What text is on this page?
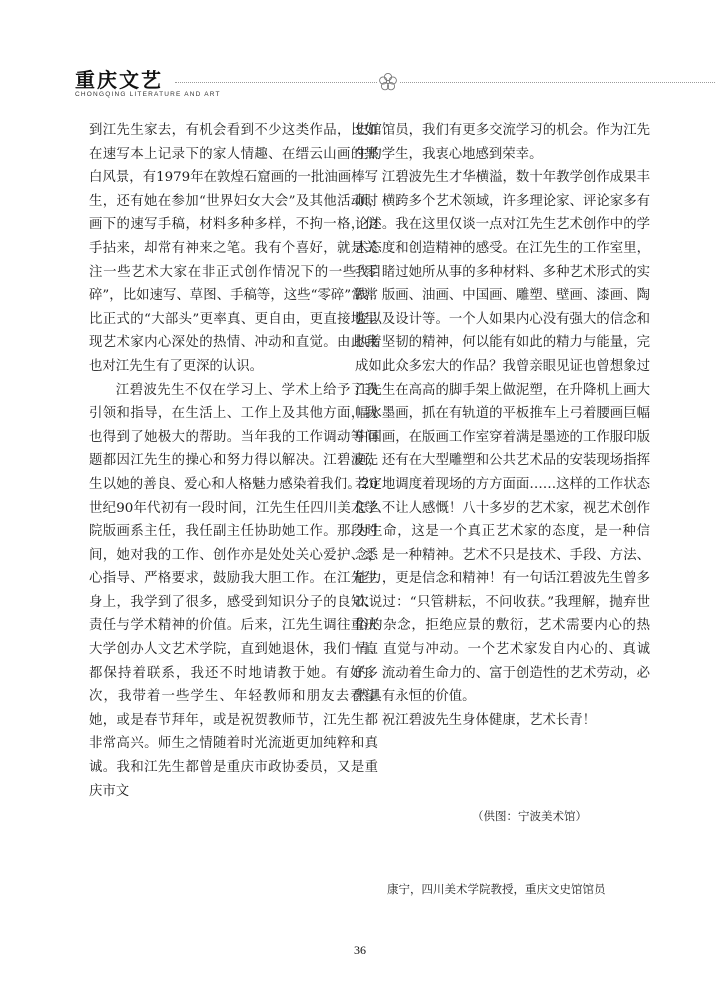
重庆文艺
CHONGQING LITERATURE AND ART

到江先生家去，有机会看到不少这类作品，比如在速写本上记录下的家人情趣、在缙云山画的黑白风景，有1979年在敦煌石窟画的一批油画棒写生，还有她在参加“世界妇女大会”及其他活动时画下的速写手稿，材料多种多样，不拘一格，信手拈来，却常有神来之笔。我有个喜好，就是关注一些艺术大家在非正式创作情况下的一些“零碎”，比如速写、草图、手稿等，这些“零碎”常常比正式的“大部头”更率真、更自由，更直接地呈现艺术家内心深处的热情、冲动和直觉。由此我也对江先生有了更深的认识。

江碧波先生不仅在学习上、学术上给予了我引领和指导，在生活上、工作上及其他方面，我也得到了她极大的帮助。当年我的工作调动等问题都因江先生的操心和努力得以解决。江碧波先生以她的善良、爱心和人格魅力感染着我们。20世纪90年代初有一段时间，江先生任四川美术学院版画系主任，我任副主任协助她工作。那段时间，她对我的工作、创作亦是处处关心爱护、悉心指导、严格要求，鼓励我大胆工作。在江先生身上，我学到了很多，感受到知识分子的良知、责任与学术精神的价值。后来，江先生调往重庆大学创办人文艺术学院，直到她退休，我们一直都保持着联系，我还不时地请教于她。有好多次，我带着一些学生、年轻教师和朋友去看望她，或是春节拜年，或是祝贺教师节，江先生都非常高兴。师生之情随着时光流逝更加纯粹和真诚。我和江先生都曾是重庆市政协委员，又是重庆市文

史馆馆员，我们有更多交流学习的机会。作为江先生的学生，我衷心地感到荣幸。

江碧波先生才华横溢，数十年教学创作成果丰硕，横跨多个艺术领域，许多理论家、评论家多有论述。我在这里仅谈一点对江先生艺术创作中的学术态度和创造精神的感受。在江先生的工作室里，我目睹过她所从事的多种材料、多种艺术形式的实践：版画、油画、中国画、雕塑、壁画、漆画、陶瓷以及设计等。一个人如果内心没有强大的信念和执着坚韧的精神，何以能有如此的精力与能量，完成如此众多宏大的作品？我曾亲眼见证也曾想象过江先生在高高的脚手架上做泥塑，在升降机上画大幅水墨画，抓在有轨道的平板推车上弓着腰画巨幅中国画，在版画工作室穿着满是墨迹的工作服印版画，还有在大型雕塑和公共艺术品的安装现场指挥若定地调度着现场的方方面面……这样的工作状态怎么不让人感慨！八十多岁的艺术家，视艺术创作为生命，这是一个真正艺术家的态度，是一种信念，是一种精神。艺术不只是技术、手段、方法、能力，更是信念和精神！有一句话江碧波先生曾多次说过：“只管耕耘，不问收获。”我理解，抛弃世俗的杂念，拒绝应景的敷衍，艺术需要内心的热情、直觉与冲动。一个艺术家发自内心的、真诚的、流动着生命力的、富于创造性的艺术劳动，必然具有永恒的价值。

祝江碧波先生身体健康，艺术长青！

（供图：宁波美术馆）
康宁，四川美术学院教授，重庆文史馆馆员
36
